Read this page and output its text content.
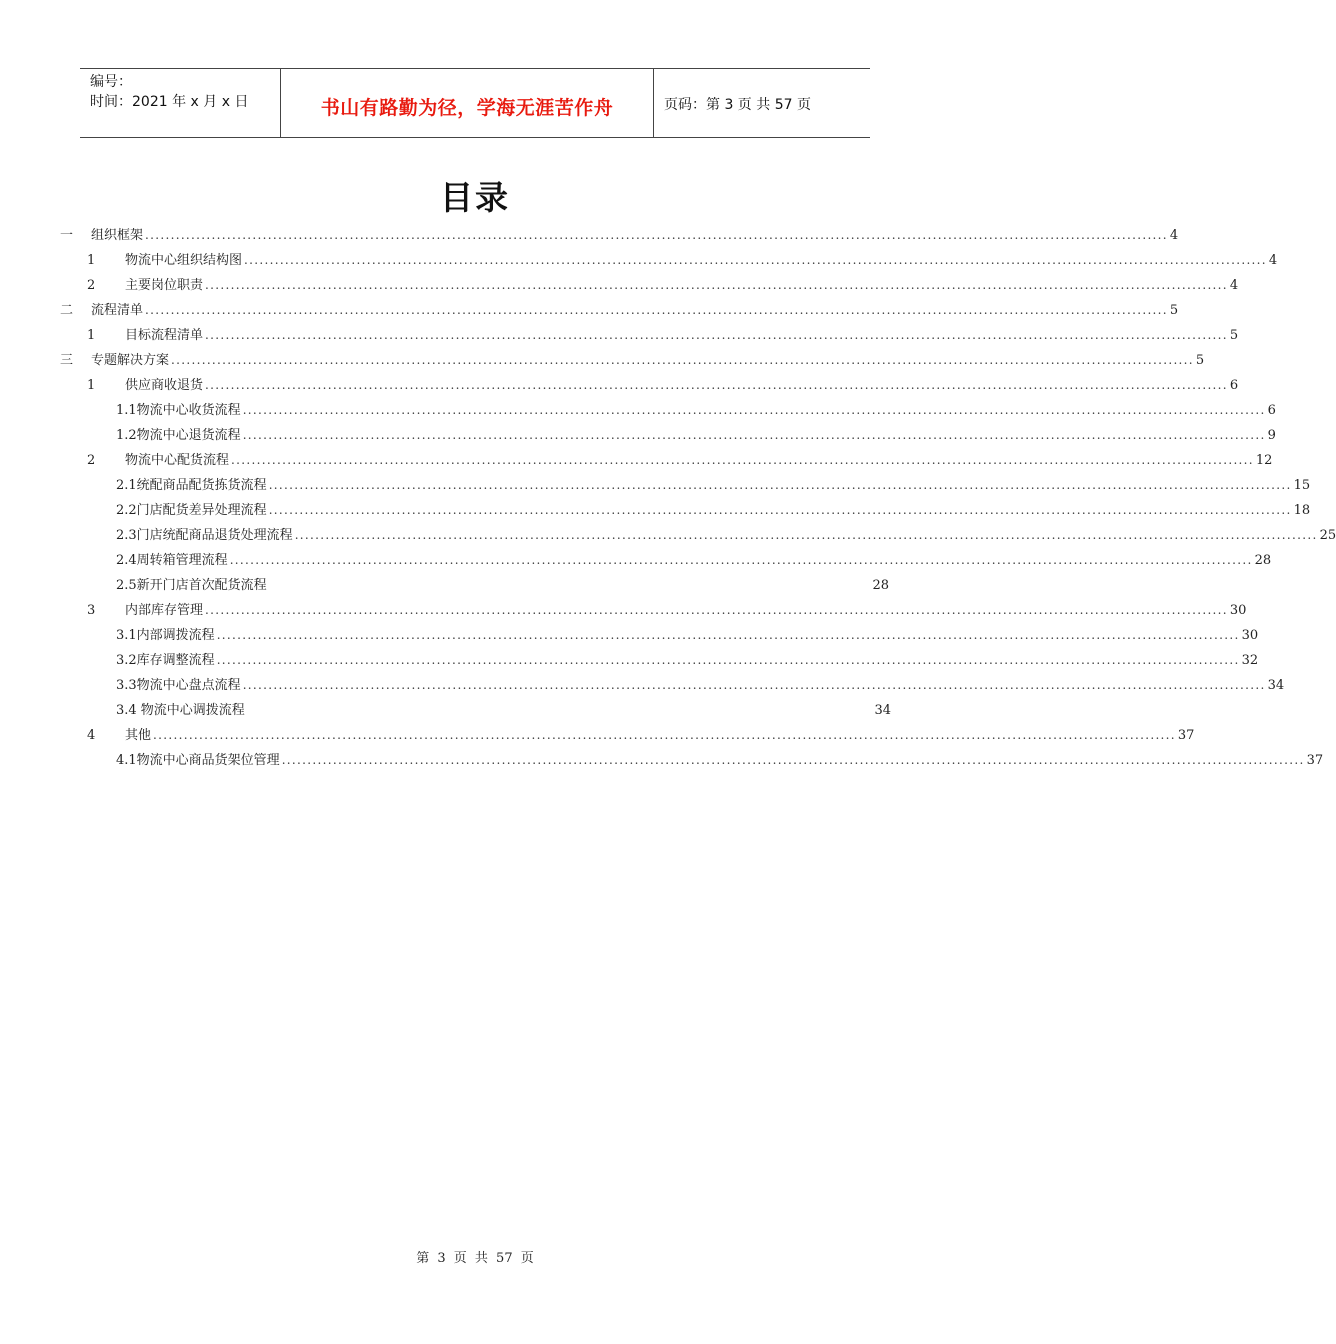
编号：
时间：2021 年 x 月 x 日	书山有路勤为径，学海无涯苦作舟	页码：第 3 页 共 57 页
目录
一	组织框架 ........................................................................................................................................................................................................ 4
1	物流中心组织结构图 ........................................................................................................................................................................................................ 4
2	主要岗位职责 ........................................................................................................................................................................................................ 4
二	流程清单 ........................................................................................................................................................................................................ 5
1	目标流程清单 ........................................................................................................................................................................................................ 5
三	专题解决方案 ........................................................................................................................................................................................................ 5
1	供应商收退货 ........................................................................................................................................................................................................ 6
1.1物流中心收货流程 ........................................................................................................................................................................................................ 6
1.2物流中心退货流程 ........................................................................................................................................................................................................ 9
2	物流中心配货流程 ........................................................................................................................................................................................................ 12
2.1统配商品配货拣货流程 ........................................................................................................................................................................................................ 15
2.2门店配货差异处理流程 ........................................................................................................................................................................................................ 18
2.3门店统配商品退货处理流程 ........................................................................................................................................................................................................ 25
2.4周转箱管理流程 ........................................................................................................................................................................................................ 28
2.5新开门店首次配货流程	28
3	内部库存管理 ........................................................................................................................................................................................................ 30
3.1内部调拨流程 ........................................................................................................................................................................................................ 30
3.2库存调整流程 ........................................................................................................................................................................................................ 32
3.3物流中心盘点流程 ........................................................................................................................................................................................................ 34
3.4 物流中心调拨流程	34
4	其他 ........................................................................................................................................................................................................ 37
4.1物流中心商品货架位管理 ........................................................................................................................................................................................................ 37
第 3 页 共 57 页
